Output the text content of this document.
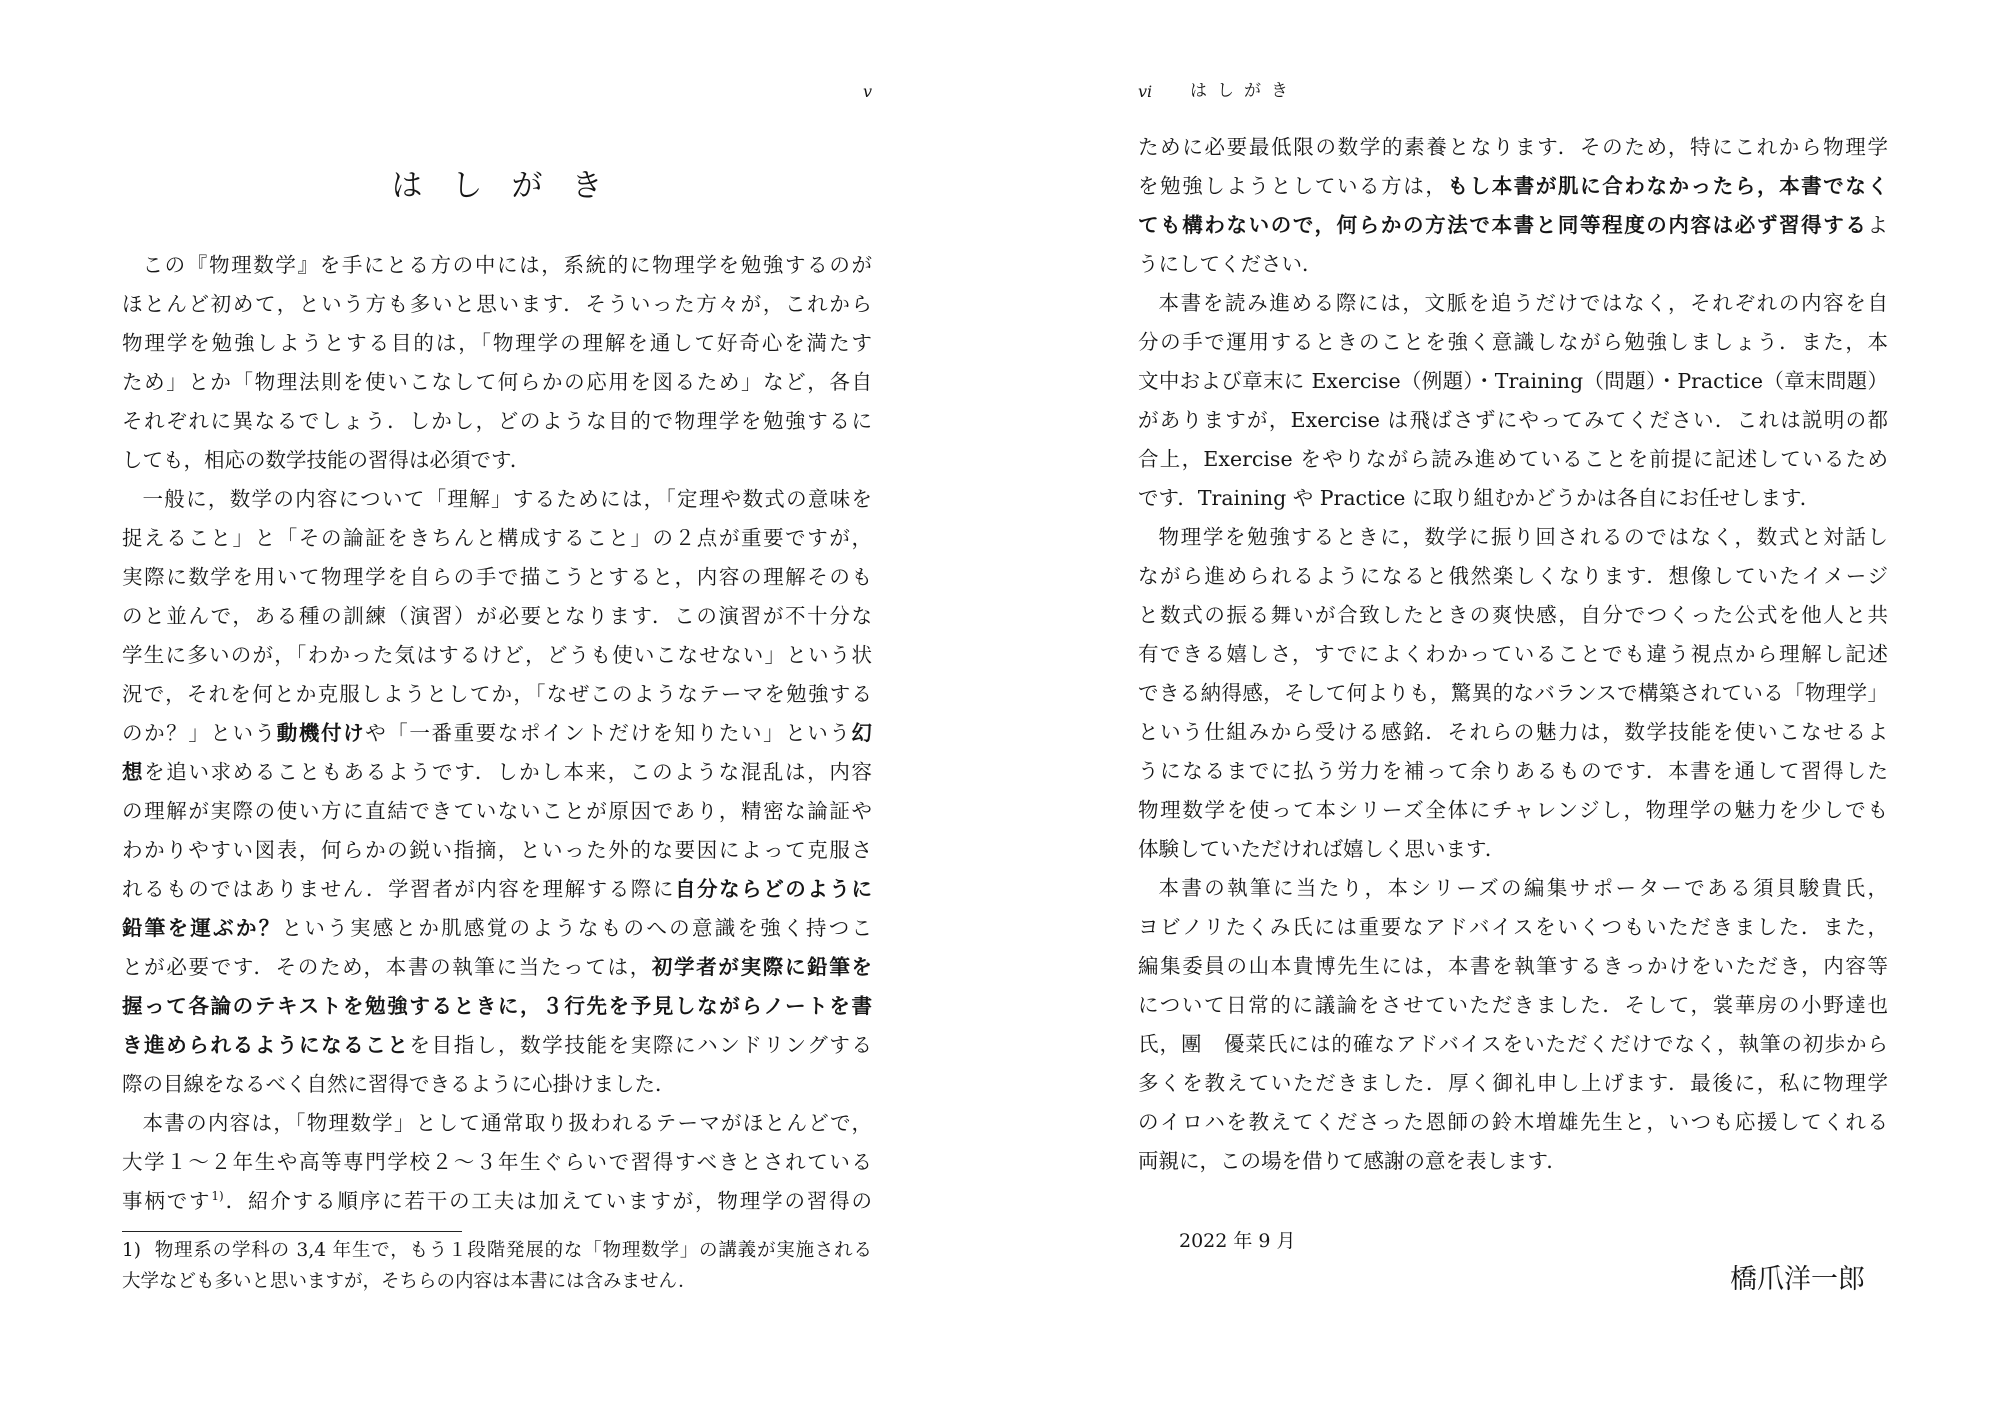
v
はしがき
この『物理数学』を手にとる方の中には，系統的に物理学を勉強するのが
ほとんど初めて，という方も多いと思います．そういった方々が，これから
物理学を勉強しようとする目的は，「物理学の理解を通して好奇心を満たす
ため」とか「物理法則を使いこなして何らかの応用を図るため」など，各自
それぞれに異なるでしょう．しかし，どのような目的で物理学を勉強するに
しても，相応の数学技能の習得は必須です．
一般に，数学の内容について「理解」するためには，「定理や数式の意味を
捉えること」と「その論証をきちんと構成すること」の２点が重要ですが，
実際に数学を用いて物理学を自らの手で描こうとすると，内容の理解そのも
のと並んで，ある種の訓練（演習）が必要となります．この演習が不十分な
学生に多いのが，「わかった気はするけど，どうも使いこなせない」という状
況で，それを何とか克服しようとしてか，「なぜこのようなテーマを勉強する
のか？」という動機付けや「一番重要なポイントだけを知りたい」という幻
想を追い求めることもあるようです．しかし本来，このような混乱は，内容
の理解が実際の使い方に直結できていないことが原因であり，精密な論証や
わかりやすい図表，何らかの鋭い指摘，といった外的な要因によって克服さ
れるものではありません．学習者が内容を理解する際に自分ならどのように
鉛筆を運ぶか？という実感とか肌感覚のようなものへの意識を強く持つこ
とが必要です．そのため，本書の執筆に当たっては，初学者が実際に鉛筆を
握って各論のテキストを勉強するときに，３行先を予見しながらノートを書
き進められるようになることを目指し，数学技能を実際にハンドリングする
際の目線をなるべく自然に習得できるように心掛けました．
本書の内容は，「物理数学」として通常取り扱われるテーマがほとんどで，
大学１～２年生や高等専門学校２～３年生ぐらいで習得すべきとされている
事柄です$^{1)}$．紹介する順序に若干の工夫は加えていますが，物理学の習得の
1) 物理系の学科の 3,4 年生で，もう１段階発展的な「物理数学」の講義が実施される
大学なども多いと思いますが，そちらの内容は本書には含みません．
vi はしがき
ために必要最低限の数学的素養となります．そのため，特にこれから物理学
を勉強しようとしている方は，もし本書が肌に合わなかったら，本書でなく
ても構わないので，何らかの方法で本書と同等程度の内容は必ず習得するよ
うにしてください．
本書を読み進める際には，文脈を追うだけではなく，それぞれの内容を自
分の手で運用するときのことを強く意識しながら勉強しましょう．また，本
文中および章末に Exercise（例題）・Training（問題）・Practice（章末問題）
がありますが，Exercise は飛ばさずにやってみてください．これは説明の都
合上，Exercise をやりながら読み進めていることを前提に記述しているため
です．Training や Practice に取り組むかどうかは各自にお任せします．
物理学を勉強するときに，数学に振り回されるのではなく，数式と対話し
ながら進められるようになると俄然楽しくなります．想像していたイメージ
と数式の振る舞いが合致したときの爽快感，自分でつくった公式を他人と共
有できる嬉しさ，すでによくわかっていることでも違う視点から理解し記述
できる納得感，そして何よりも，驚異的なバランスで構築されている「物理学」
という仕組みから受ける感銘．それらの魅力は，数学技能を使いこなせるよ
うになるまでに払う労力を補って余りあるものです．本書を通して習得した
物理数学を使って本シリーズ全体にチャレンジし，物理学の魅力を少しでも
体験していただければ嬉しく思います．
本書の執筆に当たり，本シリーズの編集サポーターである須貝駿貴氏，
ヨビノリたくみ氏には重要なアドバイスをいくつもいただきました．また，
編集委員の山本貴博先生には，本書を執筆するきっかけをいただき，内容等
について日常的に議論をさせていただきました．そして，裳華房の小野達也
氏，團　優菜氏には的確なアドバイスをいただくだけでなく，執筆の初歩から
多くを教えていただきました．厚く御礼申し上げます．最後に，私に物理学
のイロハを教えてくださった恩師の鈴木増雄先生と，いつも応援してくれる
両親に，この場を借りて感謝の意を表します．
2022 年 9 月
橋爪洋一郎
